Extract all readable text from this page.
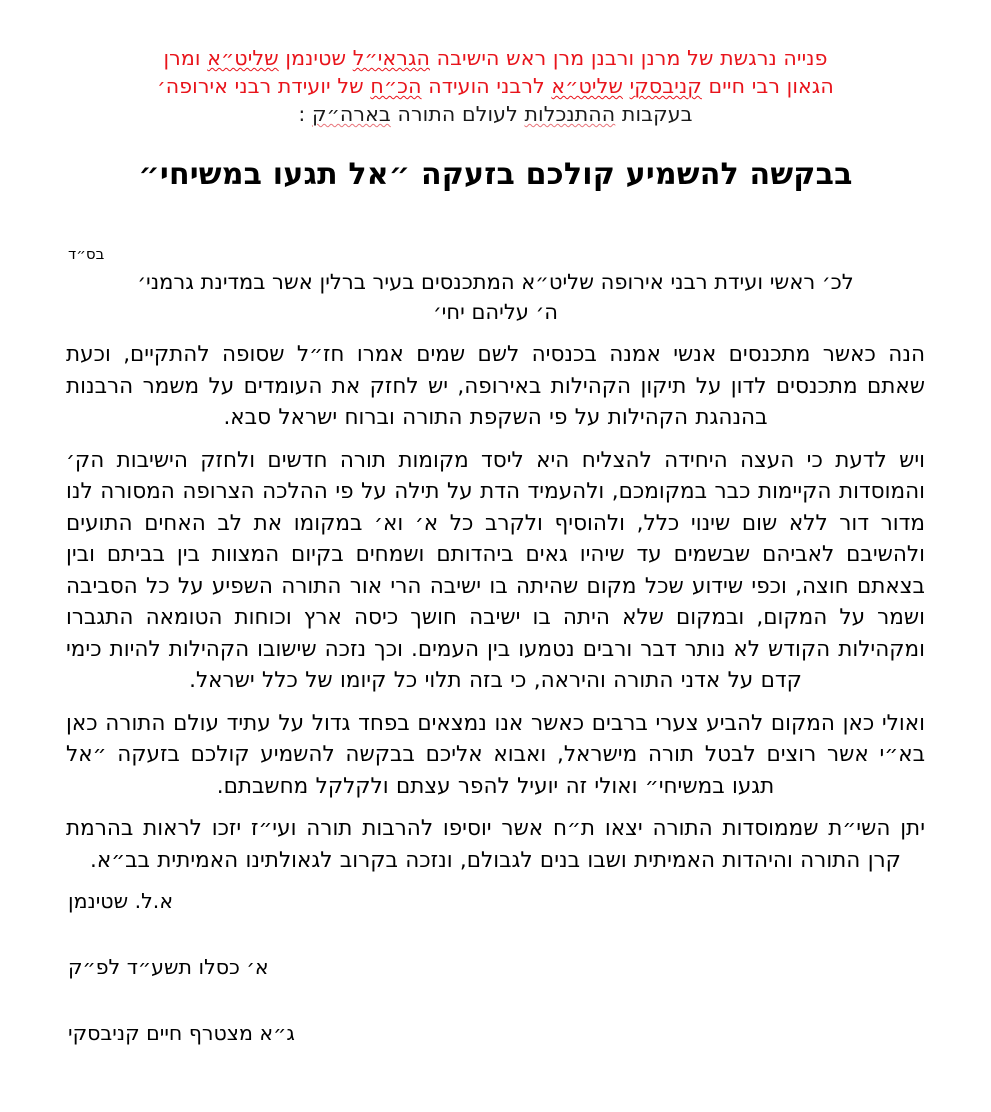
פנייה נרגשת של מרנן ורבנן מרן ראש הישיבה הגראי״ל שטינמן שליט״א ומרן
הגאון רבי חיים קניבסקי שליט״א לרבני הועידה הכ״ח של יועידת רבני אירופה׳
בעקבות ההתנכלות לעולם התורה בארה״ק :
בבקשה להשמיע קולכם בזעקה ״אל תגעו במשיחי״
בס״ד
לכ׳ ראשי ועידת רבני אירופה שליט״א המתכנסים בעיר ברלין אשר במדינת גרמני׳
ה׳ עליהם יחי׳

הנה כאשר מתכנסים אנשי אמנה בכנסיה לשם שמים אמרו חז״ל שסופה להתקיים, וכעת שאתם מתכנסים לדון על תיקון הקהילות באירופה, יש לחזק את העומדים על משמר הרבנות בהנהגת הקהילות על פי השקפת התורה וברוח ישראל סבא.

ויש לדעת כי העצה היחידה להצליח היא ליסד מקומות תורה חדשים ולחזק הישיבות הק׳ והמוסדות הקיימות כבר במקומכם, ולהעמיד הדת על תילה על פי ההלכה הצרופה המסורה לנו מדור דור ללא שום שינוי כלל, ולהוסיף ולקרב כל א׳ וא׳ במקומו את לב האחים התועים ולהשיבם לאביהם שבשמים עד שיהיו גאים ביהדותם ושמחים בקיום המצוות בין בביתם ובין בצאתם חוצה, וכפי שידוע שכל מקום שהיתה בו ישיבה הרי אור התורה השפיע על כל הסביבה ושמר על המקום, ובמקום שלא היתה בו ישיבה חושך כיסה ארץ וכוחות הטומאה התגברו ומקהילות הקודש לא נותר דבר ורבים נטמעו בין העמים. וכך נזכה שישובו הקהילות להיות כימי קדם על אדני התורה והיראה, כי בזה תלוי כל קיומו של כלל ישראל.

ואולי כאן המקום להביע צערי ברבים כאשר אנו נמצאים בפחד גדול על עתיד עולם התורה כאן בא״י אשר רוצים לבטל תורה מישראל, ואבוא אליכם בבקשה להשמיע קולכם בזעקה ״אל תגעו במשיחי״ ואולי זה יועיל להפר עצתם ולקלקל מחשבתם.

יתן השי״ת שממוסדות התורה יצאו ת״ח אשר יוסיפו להרבות תורה ועי״ז יזכו לראות בהרמת קרן התורה והיהדות האמיתית ושבו בנים לגבולם, ונזכה בקרוב לגאולתינו האמיתית בב״א.

א.ל. שטינמן
א׳ כסלו תשע״ד לפ״ק
ג״א מצטרף חיים קניבסקי
